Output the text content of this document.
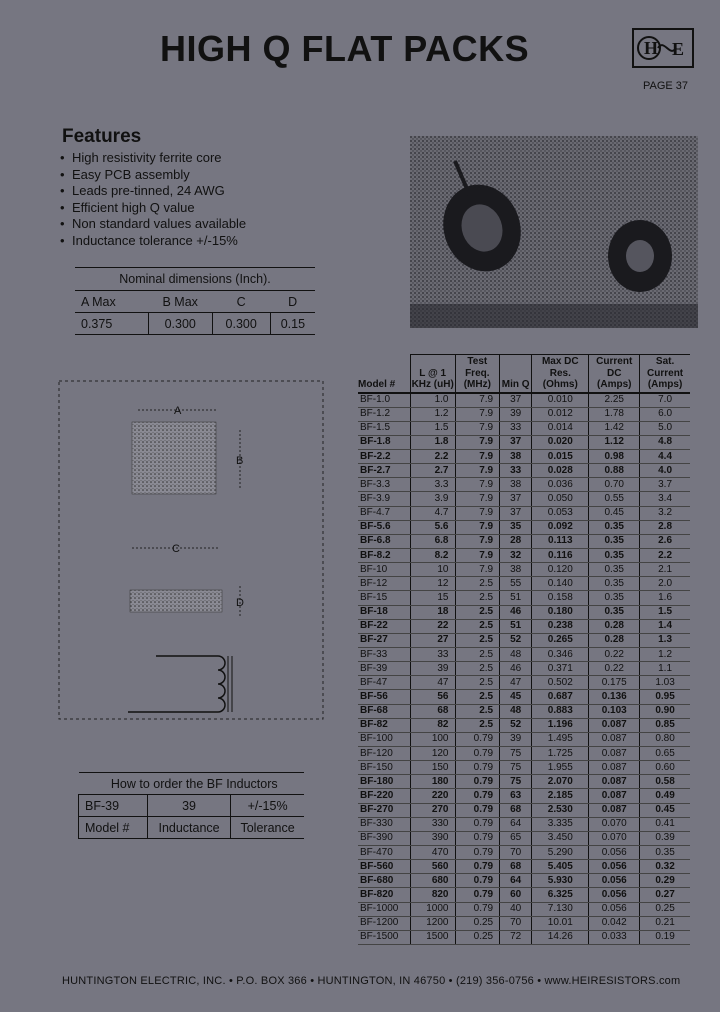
HIGH Q FLAT PACKS	H E
PAGE 37
Features
• High resistivity ferrite core
• Easy PCB assembly
• Leads pre-tinned, 24 AWG
• Efficient high Q value
• Non standard values available
• Inductance tolerance +/-15%
Nominal dimensions (Inch).			
A Max	B Max	C	D
0.375	0.300	0.300	0.15
A
B
C
D
How to order the BF Inductors		
BF-39	39	+/-15%
Model #	Inductance	Tolerance
Model #	L @ 1 KHz (uH)	Test Freq. (MHz)	Min Q	Max DC Res. (Ohms)	Current DC (Amps)	Sat. Current (Amps)
BF-1.0	1.0	7.9	37	0.010	2.25	7.0
BF-1.2	1.2	7.9	39	0.012	1.78	6.0
BF-1.5	1.5	7.9	33	0.014	1.42	5.0
BF-1.8	1.8	7.9	37	0.020	1.12	4.8
BF-2.2	2.2	7.9	38	0.015	0.98	4.4
BF-2.7	2.7	7.9	33	0.028	0.88	4.0
BF-3.3	3.3	7.9	38	0.036	0.70	3.7
BF-3.9	3.9	7.9	37	0.050	0.55	3.4
BF-4.7	4.7	7.9	37	0.053	0.45	3.2
BF-5.6	5.6	7.9	35	0.092	0.35	2.8
BF-6.8	6.8	7.9	28	0.113	0.35	2.6
BF-8.2	8.2	7.9	32	0.116	0.35	2.2
BF-10	10	7.9	38	0.120	0.35	2.1
BF-12	12	2.5	55	0.140	0.35	2.0
BF-15	15	2.5	51	0.158	0.35	1.6
BF-18	18	2.5	46	0.180	0.35	1.5
BF-22	22	2.5	51	0.238	0.28	1.4
BF-27	27	2.5	52	0.265	0.28	1.3
BF-33	33	2.5	48	0.346	0.22	1.2
BF-39	39	2.5	46	0.371	0.22	1.1
BF-47	47	2.5	47	0.502	0.175	1.03
BF-56	56	2.5	45	0.687	0.136	0.95
BF-68	68	2.5	48	0.883	0.103	0.90
BF-82	82	2.5	52	1.196	0.087	0.85
BF-100	100	0.79	39	1.495	0.087	0.80
BF-120	120	0.79	75	1.725	0.087	0.65
BF-150	150	0.79	75	1.955	0.087	0.60
BF-180	180	0.79	75	2.070	0.087	0.58
BF-220	220	0.79	63	2.185	0.087	0.49
BF-270	270	0.79	68	2.530	0.087	0.45
BF-330	330	0.79	64	3.335	0.070	0.41
BF-390	390	0.79	65	3.450	0.070	0.39
BF-470	470	0.79	70	5.290	0.056	0.35
BF-560	560	0.79	68	5.405	0.056	0.32
BF-680	680	0.79	64	5.930	0.056	0.29
BF-820	820	0.79	60	6.325	0.056	0.27
BF-1000	1000	0.79	40	7.130	0.056	0.25
BF-1200	1200	0.25	70	10.01	0.042	0.21
BF-1500	1500	0.25	72	14.26	0.033	0.19
HUNTINGTON ELECTRIC, INC. • P.O. BOX 366 • HUNTINGTON, IN 46750 • (219) 356-0756 • www.HEIRESISTORS.com
